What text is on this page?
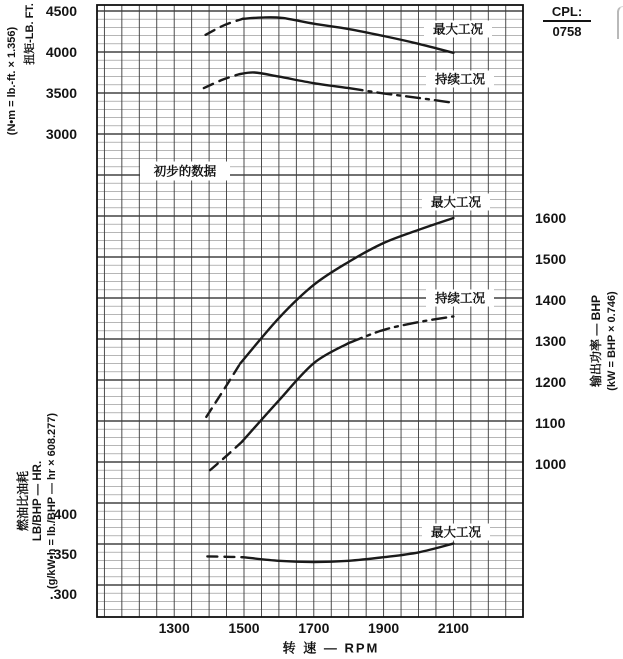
4500
4000
3500
3000
1600
1500
1400
1300
1200
1100
1000
.400
.350
.300
1300	1500	1700	1900	2100
最大工况
持续工况
最大工况
持续工况
最大工况
初步的数据
扭矩-LB. FT.
(N•m = lb.-ft. × 1.356)
输出功率 — BHP (kW = BHP × 0.746)
燃油比油耗 LB/BHP — HR. (g/kW•h = lb./BHP — hr × 608.277)
CPL:
0758
转 速 — RPM
